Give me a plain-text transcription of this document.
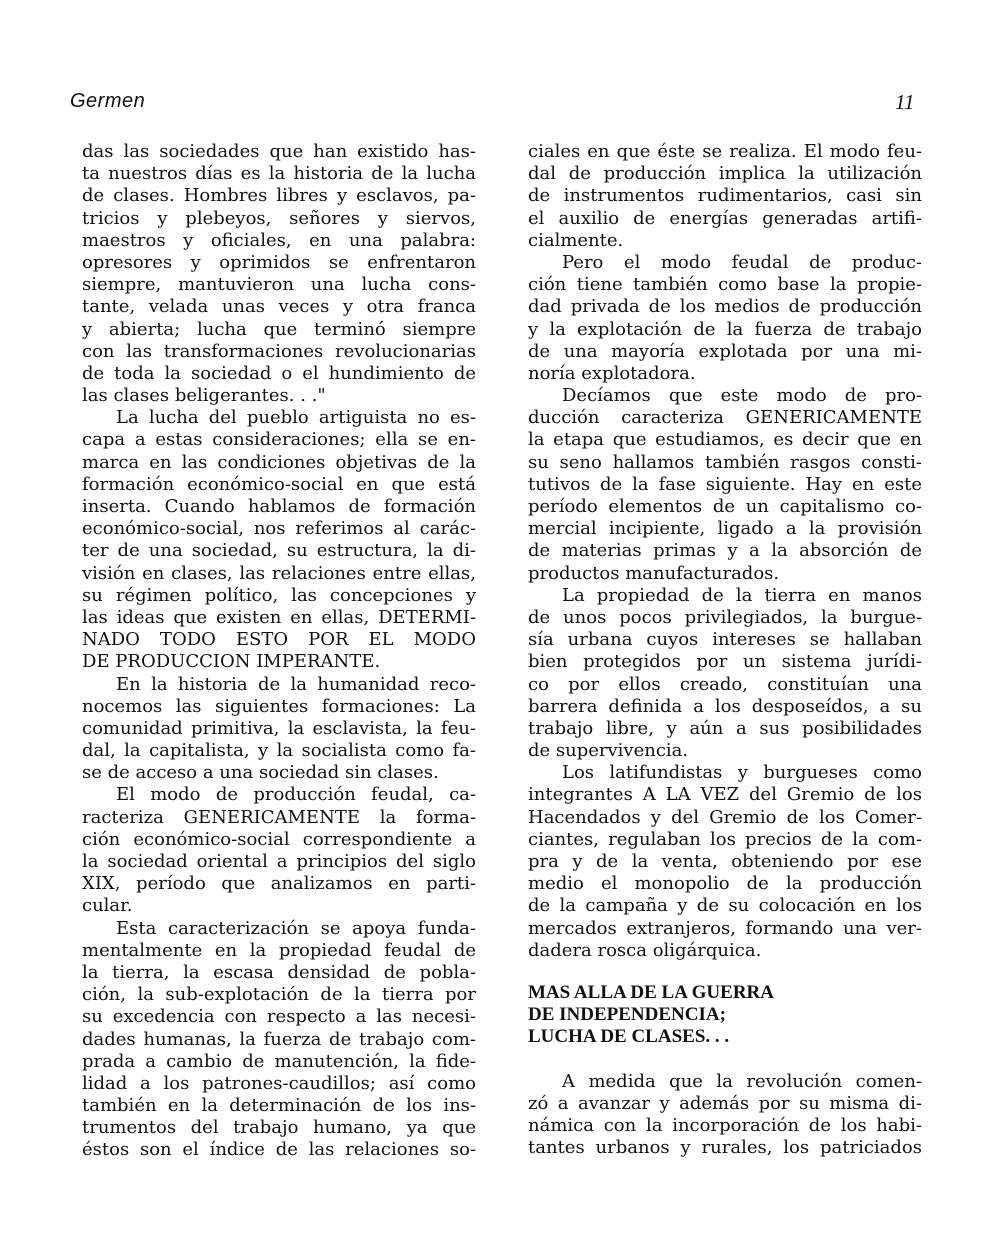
Germen	11
das las sociedades que han existido has-
ta nuestros días es la historia de la lucha
de clases. Hombres libres y esclavos, pa-
tricios y plebeyos, señores y siervos,
maestros y oficiales, en una palabra:
opresores y oprimidos se enfrentaron
siempre, mantuvieron una lucha cons-
tante, velada unas veces y otra franca
y abierta; lucha que terminó siempre
con las transformaciones revolucionarias
de toda la sociedad o el hundimiento de
las clases beligerantes. . ."
La lucha del pueblo artiguista no es-
capa a estas consideraciones; ella se en-
marca en las condiciones objetivas de la
formación económico-social en que está
inserta. Cuando hablamos de formación
económico-social, nos referimos al carác-
ter de una sociedad, su estructura, la di-
visión en clases, las relaciones entre ellas,
su régimen político, las concepciones y
las ideas que existen en ellas, DETERMI-
NADO TODO ESTO POR EL MODO
DE PRODUCCION IMPERANTE.
En la historia de la humanidad reco-
nocemos las siguientes formaciones: La
comunidad primitiva, la esclavista, la feu-
dal, la capitalista, y la socialista como fa-
se de acceso a una sociedad sin clases.
El modo de producción feudal, ca-
racteriza GENERICAMENTE la forma-
ción económico-social correspondiente a
la sociedad oriental a principios del siglo
XIX, período que analizamos en parti-
cular.
Esta caracterización se apoya funda-
mentalmente en la propiedad feudal de
la tierra, la escasa densidad de pobla-
ción, la sub-explotación de la tierra por
su excedencia con respecto a las necesi-
dades humanas, la fuerza de trabajo com-
prada a cambio de manutención, la fide-
lidad a los patrones-caudillos; así como
también en la determinación de los ins-
trumentos del trabajo humano, ya que
éstos son el índice de las relaciones so-
ciales en que éste se realiza. El modo feu-
dal de producción implica la utilización
de instrumentos rudimentarios, casi sin
el auxilio de energías generadas artifi-
cialmente.
Pero el modo feudal de produc-
ción tiene también como base la propie-
dad privada de los medios de producción
y la explotación de la fuerza de trabajo
de una mayoría explotada por una mi-
noría explotadora.
Decíamos que este modo de pro-
ducción caracteriza GENERICAMENTE
la etapa que estudiamos, es decir que en
su seno hallamos también rasgos consti-
tutivos de la fase siguiente. Hay en este
período elementos de un capitalismo co-
mercial incipiente, ligado a la provisión
de materias primas y a la absorción de
productos manufacturados.
La propiedad de la tierra en manos
de unos pocos privilegiados, la burgue-
sía urbana cuyos intereses se hallaban
bien protegidos por un sistema jurídi-
co por ellos creado, constituían una
barrera definida a los desposeídos, a su
trabajo libre, y aún a sus posibilidades
de supervivencia.
Los latifundistas y burgueses como
integrantes A LA VEZ del Gremio de los
Hacendados y del Gremio de los Comer-
ciantes, regulaban los precios de la com-
pra y de la venta, obteniendo por ese
medio el monopolio de la producción
de la campaña y de su colocación en los
mercados extranjeros, formando una ver-
dadera rosca oligárquica.
MAS ALLA DE LA GUERRA
DE INDEPENDENCIA;
LUCHA DE CLASES. . .
A medida que la revolución comen-
zó a avanzar y además por su misma di-
námica con la incorporación de los habi-
tantes urbanos y rurales, los patriciados
